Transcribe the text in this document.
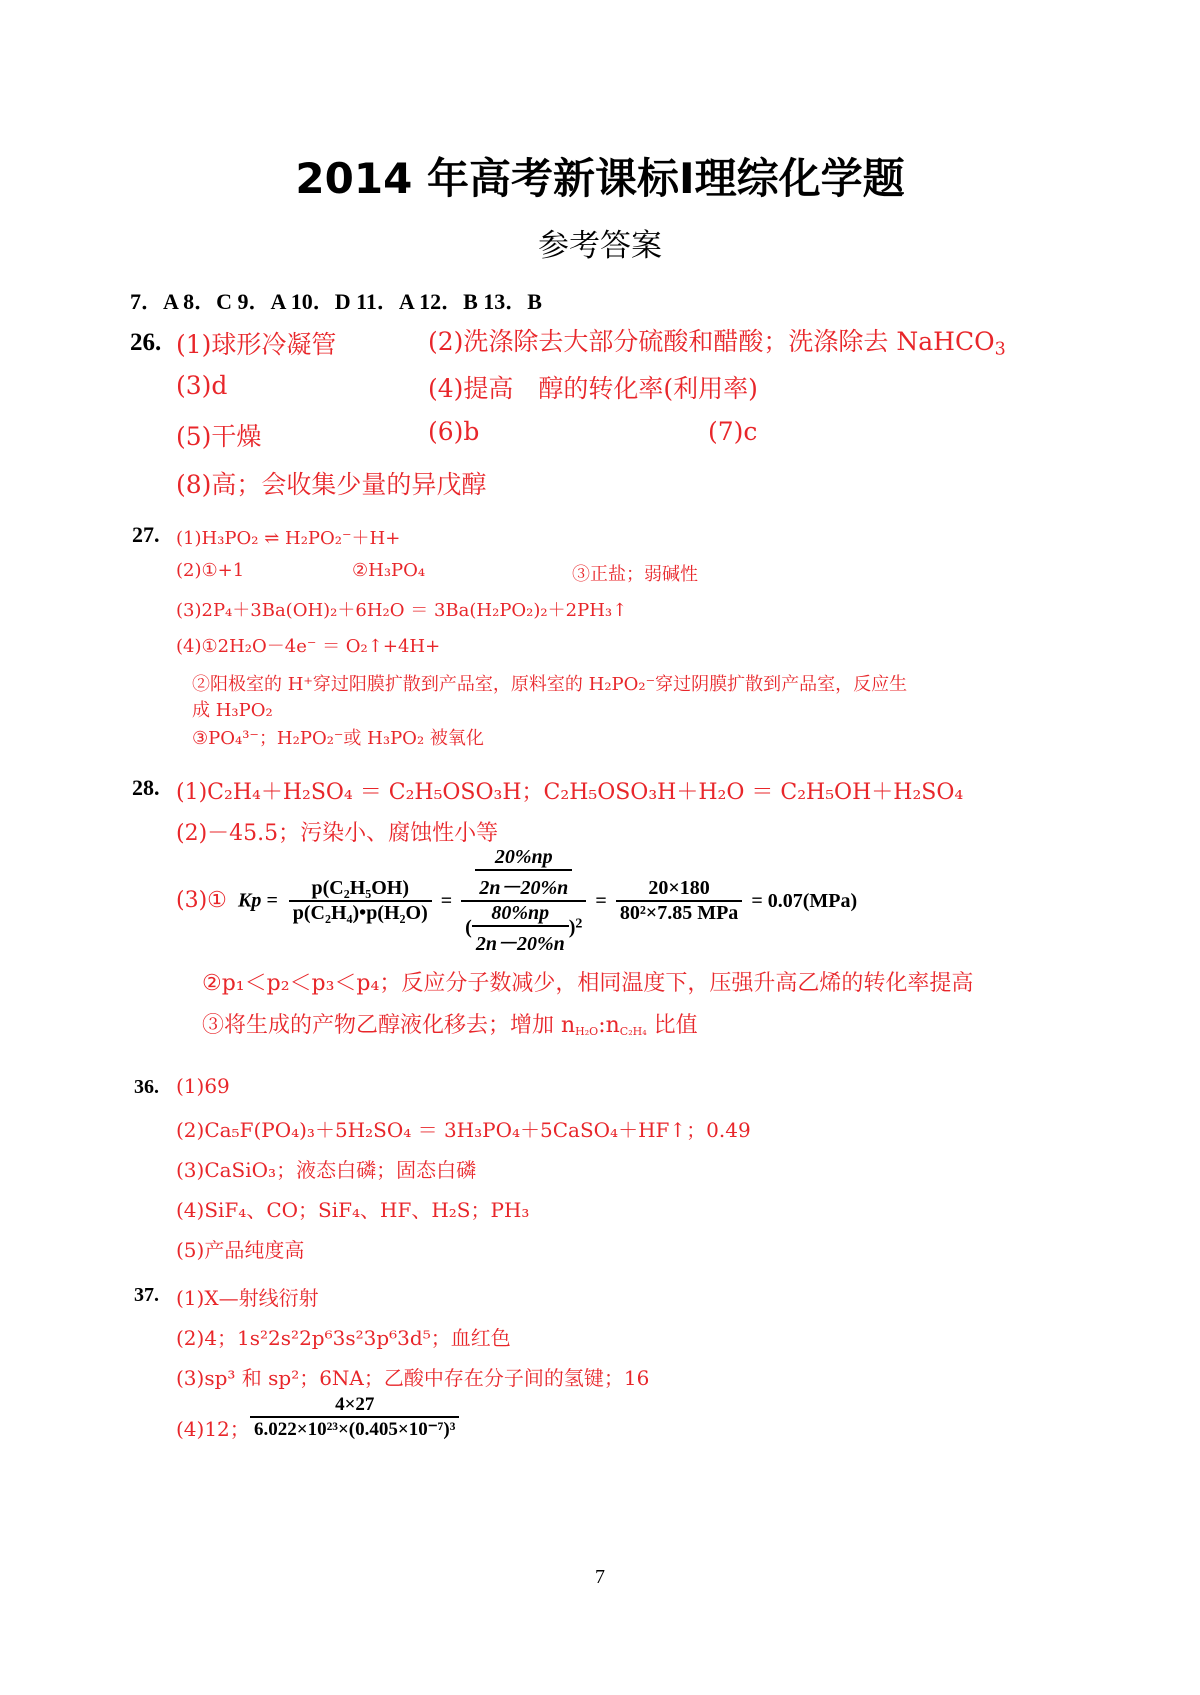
2014 年高考新课标Ⅰ理综化学题
参考答案
7．A 8．C 9．A 10．D 11．A 12．B 13．B
26. (1)球形冷凝管	(2)洗涤除去大部分硫酸和醋酸；洗涤除去 NaHCO$_3$
(3)d	(4)提高　醇的转化率(利用率)
(5)干燥	(6)b	(7)c
(8)高；会收集少量的异戊醇
27. (1)H₃PO₂ ⇌ H₂PO₂⁻＋H+
(2)①+1	②H₃PO₄	③正盐；弱碱性
(3)2P₄＋3Ba(OH)₂＋6H₂O ＝ 3Ba(H₂PO₂)₂＋2PH₃↑
(4)①2H₂O－4e⁻ ＝ O₂↑+4H+
②阳极室的 H⁺穿过阳膜扩散到产品室，原料室的 H₂PO₂⁻穿过阴膜扩散到产品室，反应生
成 H₃PO₂
③PO₄³⁻；H₂PO₂⁻或 H₃PO₂ 被氧化
28. (1)C₂H₄＋H₂SO₄ ＝ C₂H₅OSO₃H；C₂H₅OSO₃H＋H₂O ＝ C₂H₅OH＋H₂SO₄
(2)－45.5；污染小、腐蚀性小等
(3)① $Kp = \frac{\text{p(C₂H₅OH)}}{\text{p(C₂H₄)•p(H₂O)}} = \frac{\frac{20\%np}{2n-20\%n}}{( \frac{80\%np}{2n-20\%n} )^2} = \frac{20\times 180}{\text{80²×7.85 MPa}} = 0.07(MPa)$
②p₁＜p₂＜p₃＜p₄；反应分子数减少，相同温度下，压强升高乙烯的转化率提高
③将生成的产物乙醇液化移去；增加 $n_{H_2O}:n_{C_2H_4}$ 比值
36. (1)69
(2)Ca₅F(PO₄)₃＋5H₂SO₄ ＝ 3H₃PO₄＋5CaSO₄＋HF↑；0.49
(3)CaSiO₃；液态白磷；固态白磷
(4)SiF₄、CO；SiF₄、HF、H₂S；PH₃
(5)产品纯度高
37. (1)X—射线衍射
(2)4；1s²2s²2p⁶3s²3p⁶3d⁵；血红色
(3)sp³ 和 sp²；6NA；乙酸中存在分子间的氢键；16
(4)12； $\frac{4\times 27}{\text{6.022×10²³×(0.405×10⁻⁷)³}}$
7
